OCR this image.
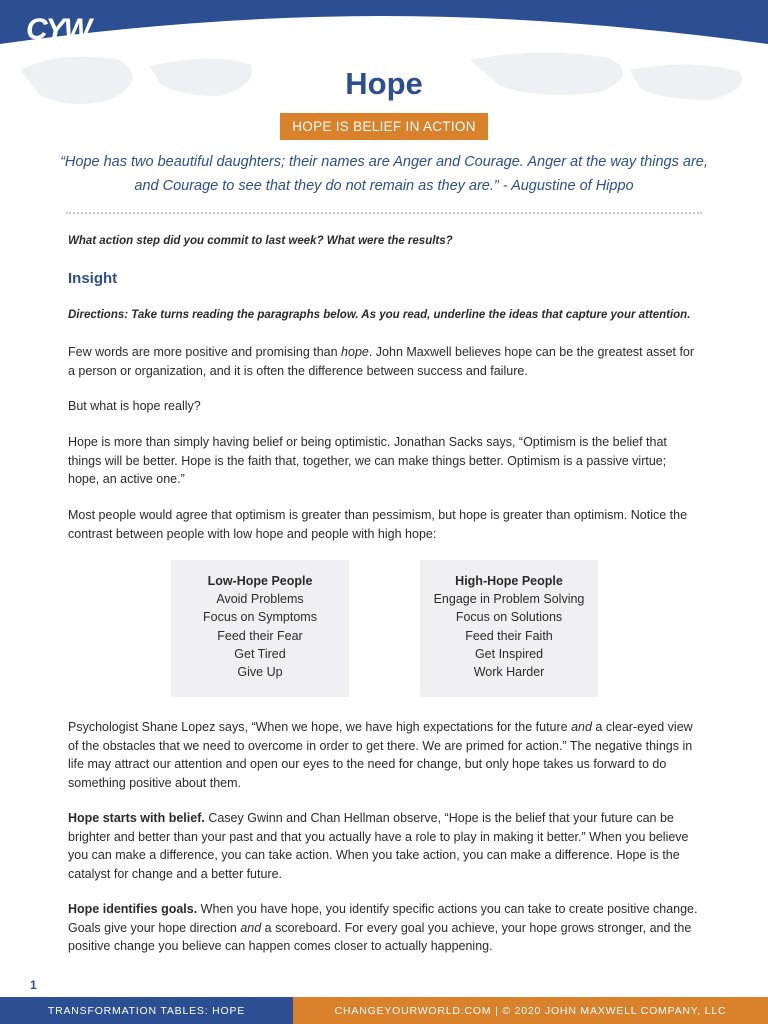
CYW
CHANGE YOUR WORLD.
Hope
HOPE IS BELIEF IN ACTION

“Hope has two beautiful daughters; their names are Anger and Courage. Anger at the way things are, and Courage to see that they do not remain as they are.” - Augustine of Hippo

What action step did you commit to last week? What were the results?

Insight

Directions: Take turns reading the paragraphs below. As you read, underline the ideas that capture your attention.

Few words are more positive and promising than hope. John Maxwell believes hope can be the greatest asset for a person or organization, and it is often the difference between success and failure.

But what is hope really?

Hope is more than simply having belief or being optimistic. Jonathan Sacks says, “Optimism is the belief that things will be better. Hope is the faith that, together, we can make things better. Optimism is a passive virtue; hope, an active one.”

Most people would agree that optimism is greater than pessimism, but hope is greater than optimism. Notice the contrast between people with low hope and people with high hope:

Low-Hope People
Avoid Problems
Focus on Symptoms
Feed their Fear
Get Tired
Give Up
High-Hope People
Engage in Problem Solving
Focus on Solutions
Feed their Faith
Get Inspired
Work Harder

Psychologist Shane Lopez says, “When we hope, we have high expectations for the future and a clear-eyed view of the obstacles that we need to overcome in order to get there. We are primed for action.” The negative things in life may attract our attention and open our eyes to the need for change, but only hope takes us forward to do something positive about them.

Hope starts with belief. Casey Gwinn and Chan Hellman observe, “Hope is the belief that your future can be brighter and better than your past and that you actually have a role to play in making it better.” When you believe you can make a difference, you can take action. When you take action, you can make a difference. Hope is the catalyst for change and a better future.

Hope identifies goals. When you have hope, you identify specific actions you can take to create positive change. Goals give your hope direction and a scoreboard. For every goal you achieve, your hope grows stronger, and the positive change you believe can happen comes closer to actually happening.

1
TRANSFORMATION TABLES: HOPE	CHANGEYOURWORLD.COM | © 2020 JOHN MAXWELL COMPANY, LLC
